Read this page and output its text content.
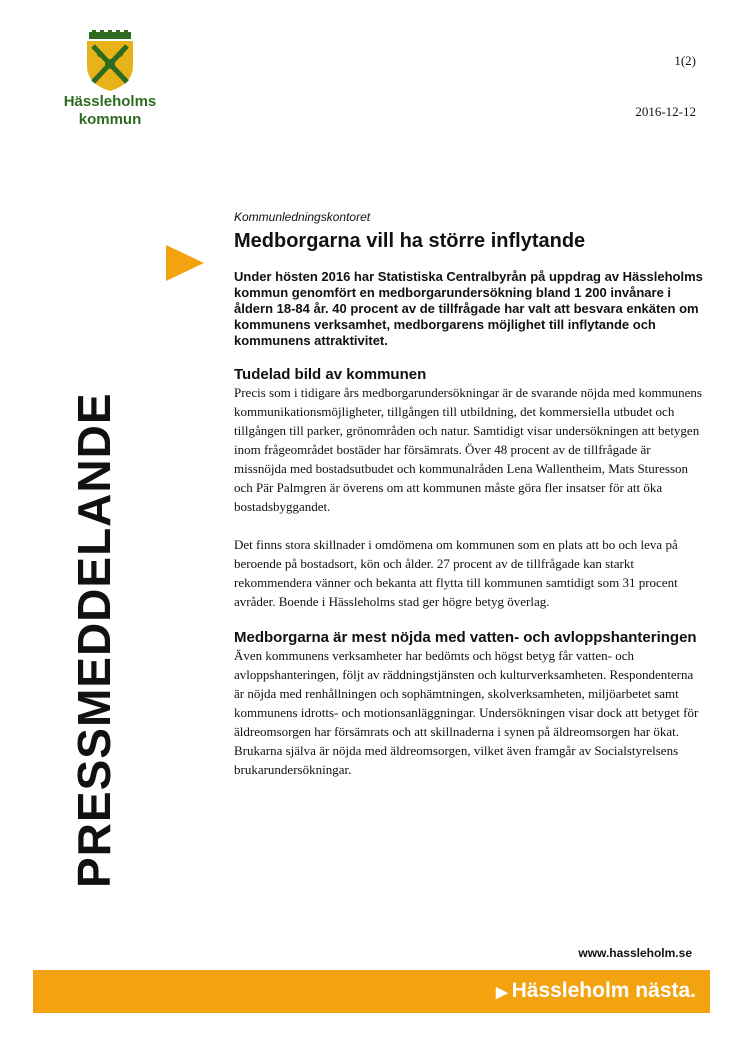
Hässleholms
kommun
1(2)
2016-12-12
PRESSMEDDELANDE
Kommunledningskontoret
Medborgarna vill ha större inflytande
Under hösten 2016 har Statistiska Centralbyrån på uppdrag av Hässleholms kommun genomfört en medborgarundersökning bland 1 200 invånare i åldern 18-84 år. 40 procent av de tillfrågade har valt att besvara enkäten om kommunens verksamhet, medborgarens möjlighet till inflytande och kommunens attraktivitet.
Tudelad bild av kommunen

Precis som i tidigare års medborgarundersökningar är de svarande nöjda med kommunens kommunikationsmöjligheter, tillgången till utbildning, det kommersiella utbudet och tillgången till parker, grönområden och natur. Samtidigt visar undersökningen att betygen inom frågeområdet bostäder har försämrats. Över 48 procent av de tillfrågade är missnöjda med bostadsutbudet och kommunalråden Lena Wallentheim, Mats Sturesson och Pär Palmgren är överens om att kommunen måste göra fler insatser för att öka bostadsbyggandet.

Det finns stora skillnader i omdömena om kommunen som en plats att bo och leva på beroende på bostadsort, kön och ålder. 27 procent av de tillfrågade kan starkt rekommendera vänner och bekanta att flytta till kommunen samtidigt som 31 procent avråder. Boende i Hässleholms stad ger högre betyg överlag.

Medborgarna är mest nöjda med vatten- och avloppshanteringen

Även kommunens verksamheter har bedömts och högst betyg får vatten- och avloppshanteringen, följt av räddningstjänsten och kulturverksamheten. Respondenterna är nöjda med renhållningen och sophämtningen, skolverksamheten, miljöarbetet samt kommunens idrotts- och motionsanläggningar. Undersökningen visar dock att betyget för äldreomsorgen har försämrats och att skillnaderna i synen på äldreomsorgen har ökat. Brukarna själva är nöjda med äldreomsorgen, vilket även framgår av Socialstyrelsens brukarundersökningar.

www.hassleholm.se
▶ Hässleholm nästa.
